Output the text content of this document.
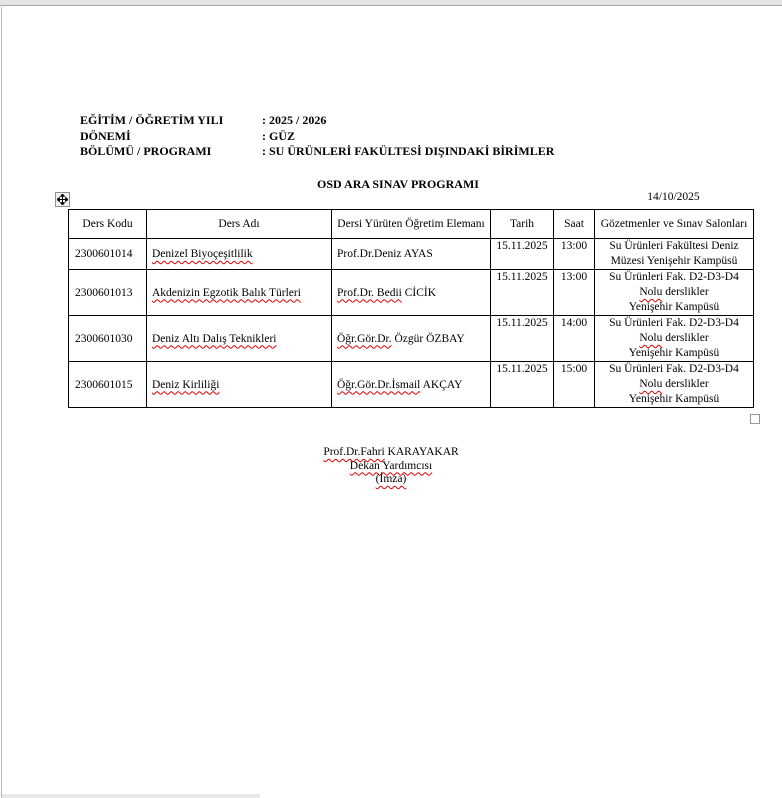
EĞİTİM / ÖĞRETİM YILI	: 2025 / 2026
DÖNEMİ	: GÜZ
BÖLÜMÜ / PROGRAMI	: SU ÜRÜNLERİ FAKÜLTESİ DIŞINDAKİ BİRİMLER
OSD ARA SINAV PROGRAMI
14/10/2025
Ders Kodu	Ders Adı	Dersi Yürüten Öğretim Elemanı	Tarih	Saat	Gözetmenler ve Sınav Salonları
2300601014	Denizel Biyoçeşitlilik	Prof.Dr.Deniz AYAS	15.11.2025	13:00	Su Ürünleri Fakültesi Deniz
Müzesi Yenişehir Kampüsü

2300601013	Akdenizin Egzotik Balık Türleri	Prof.Dr. Bedii CİCİK	15.11.2025	13:00	Su Ürünleri Fak. D2-D3-D4
Nolu derslikler
Yenişehir Kampüsü

2300601030	Deniz Altı Dalış Teknikleri	Öğr.Gör.Dr. Özgür ÖZBAY	15.11.2025	14:00	Su Ürünleri Fak. D2-D3-D4
Nolu derslikler
Yenişehir Kampüsü

2300601015	Deniz Kirliliği	Öğr.Gör.Dr.İsmail AKÇAY	15.11.2025	15:00	Su Ürünleri Fak. D2-D3-D4
Nolu derslikler
Yenişehir Kampüsü
Prof.Dr.Fahri KARAYAKAR
Dekan Yardımcısı
(İmza)
